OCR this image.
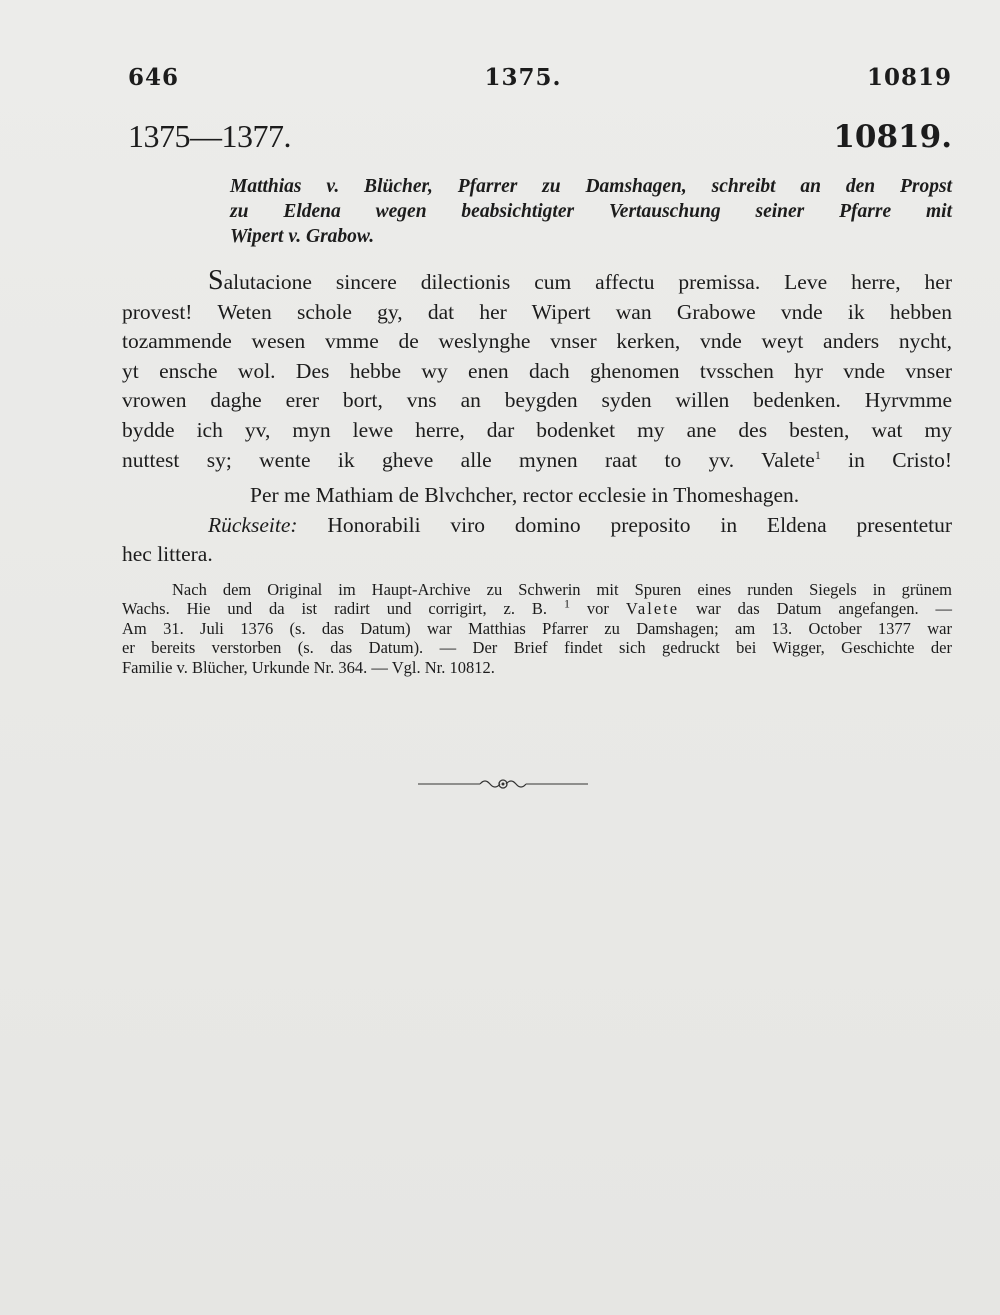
646	1375.	10819
1375—1377.	10819.
Matthias v. Blücher, Pfarrer zu Damshagen, schreibt an den Propst
zu Eldena wegen beabsichtigter Vertauschung seiner Pfarre mit
Wipert v. Grabow.
Salutacione sincere dilectionis cum affectu premissa. Leve herre, her
provest! Weten schole gy, dat her Wipert wan Grabowe vnde ik hebben
tozammende wesen vmme de weslynghe vnser kerken, vnde weyt anders nycht,
yt ensche wol. Des hebbe wy enen dach ghenomen tvsschen hyr vnde vnser
vrowen daghe erer bort, vns an beygden syden willen bedenken. Hyrvmme
bydde ich yv, myn lewe herre, dar bodenket my ane des besten, wat my
nuttest sy; wente ik gheve alle mynen raat to yv. Valete$^1$ in Cristo!
Per me Mathiam de Blvchcher, rector ecclesie in Thomeshagen.
Rückseite: Honorabili viro domino preposito in Eldena presentetur
hec littera.
Nach dem Original im Haupt-Archive zu Schwerin mit Spuren eines runden Siegels in grünem
Wachs. Hie und da ist radirt und corrigirt, z. B. $^1$ vor Valete war das Datum angefangen. —
Am 31. Juli 1376 (s. das Datum) war Matthias Pfarrer zu Damshagen; am 13. October 1377 war
er bereits verstorben (s. das Datum). — Der Brief findet sich gedruckt bei Wigger, Geschichte der
Familie v. Blücher, Urkunde Nr. 364. — Vgl. Nr. 10812.
